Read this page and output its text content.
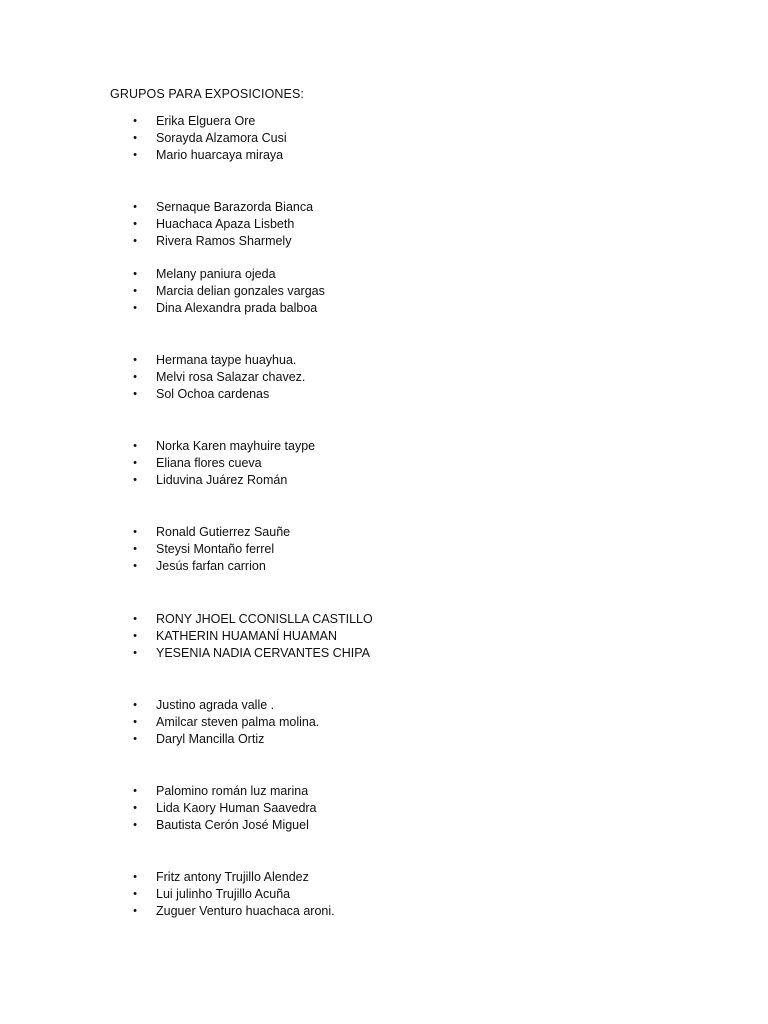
GRUPOS PARA EXPOSICIONES:
• Erika Elguera Ore
• Sorayda Alzamora Cusi
• Mario huarcaya miraya
• Sernaque Barazorda Bianca
• Huachaca Apaza Lisbeth
• Rivera Ramos Sharmely
• Melany paniura ojeda
• Marcia delian gonzales vargas
• Dina Alexandra prada balboa
• Hermana taype huayhua.
• Melvi rosa Salazar chavez.
• Sol Ochoa cardenas
• Norka Karen mayhuire taype
• Eliana flores cueva
• Liduvina Juárez Román
• Ronald Gutierrez Sauñe
• Steysi Montaño ferrel
• Jesús farfan carrion
• RONY JHOEL CCONISLLA CASTILLO
• KATHERIN HUAMANÍ HUAMAN
• YESENIA NADIA CERVANTES CHIPA
• Justino agrada valle .
• Amilcar steven palma molina.
• Daryl Mancilla Ortiz
• Palomino román luz marina
• Lida Kaory Human Saavedra
• Bautista Cerón José Miguel
• Fritz antony Trujillo Alendez
• Lui julinho Trujillo Acuña
• Zuguer Venturo huachaca aroni.
